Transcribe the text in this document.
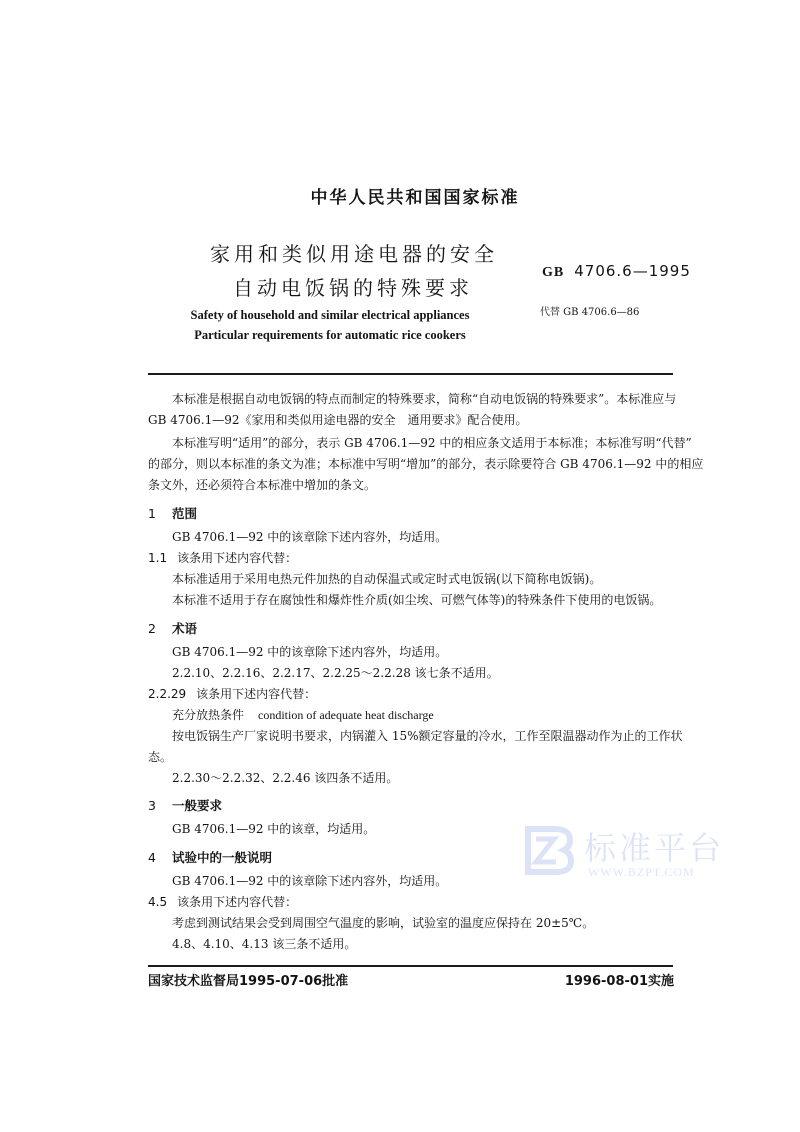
中华人民共和国国家标准
家用和类似用途电器的安全
自动电饭锅的特殊要求
GB 4706.6—1995
代替 GB 4706.6—86
Safety of household and similar electrical appliances
Particular requirements for automatic rice cookers
本标准是根据自动电饭锅的特点而制定的特殊要求，简称“自动电饭锅的特殊要求”。本标准应与
GB 4706.1—92《家用和类似用途电器的安全　通用要求》配合使用。
本标准写明“适用”的部分，表示 GB 4706.1—92 中的相应条文适用于本标准；本标准写明“代替”
的部分，则以本标准的条文为准；本标准中写明“增加”的部分，表示除要符合 GB 4706.1—92 中的相应
条文外，还必须符合本标准中增加的条文。
1 范围
GB 4706.1—92 中的该章除下述内容外，均适用。
1.1 该条用下述内容代替：
本标准适用于采用电热元件加热的自动保温式或定时式电饭锅(以下简称电饭锅)。
本标准不适用于存在腐蚀性和爆炸性介质(如尘埃、可燃气体等)的特殊条件下使用的电饭锅。
2 术语
GB 4706.1—92 中的该章除下述内容外，均适用。
2.2.10、2.2.16、2.2.17、2.2.25～2.2.28 该七条不适用。
2.2.29 该条用下述内容代替：
充分放热条件 condition of adequate heat discharge
按电饭锅生产厂家说明书要求，内锅灌入 15%额定容量的冷水，工作至限温器动作为止的工作状
态。
2.2.30～2.2.32、2.2.46 该四条不适用。
3 一般要求
GB 4706.1—92 中的该章，均适用。
4 试验中的一般说明
GB 4706.1—92 中的该章除下述内容外，均适用。
4.5 该条用下述内容代替：
考虑到测试结果会受到周围空气温度的影响，试验室的温度应保持在 20±5℃。
4.8、4.10、4.13 该三条不适用。
标准平台
WWW.BZPT.COM
国家技术监督局1995-07-06批准	1996-08-01实施
